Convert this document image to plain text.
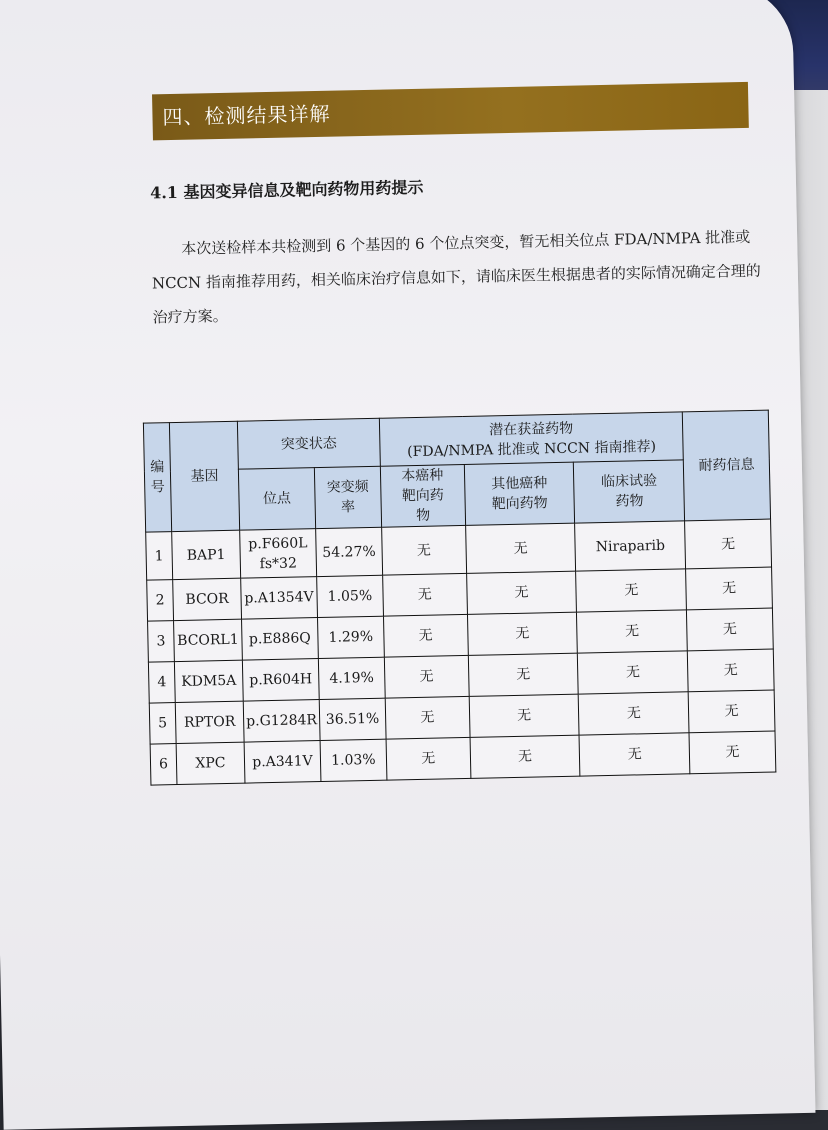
四、检测结果详解
4.1 基因变异信息及靶向药物用药提示
本次送检样本共检测到 6 个基因的 6 个位点突变，暂无相关位点 FDA/NMPA 批准或
NCCN 指南推荐用药，相关临床治疗信息如下，请临床医生根据患者的实际情况确定合理的
治疗方案。
编号	基因	突变状态		潜在获益药物
(FDA/NMPA 批准或 NCCN 指南推荐)			耐药信息
		位点	突变频率	本癌种靶向药物	其他癌种靶向药物	临床试验药物	
1	BAP1	p.F660Lfs*32	54.27%	无	无	Niraparib	无
2	BCOR	p.A1354V	1.05%	无	无	无	无
3	BCORL1	p.E886Q	1.29%	无	无	无	无
4	KDM5A	p.R604H	4.19%	无	无	无	无
5	RPTOR	p.G1284R	36.51%	无	无	无	无
6	XPC	p.A341V	1.03%	无	无	无	无
